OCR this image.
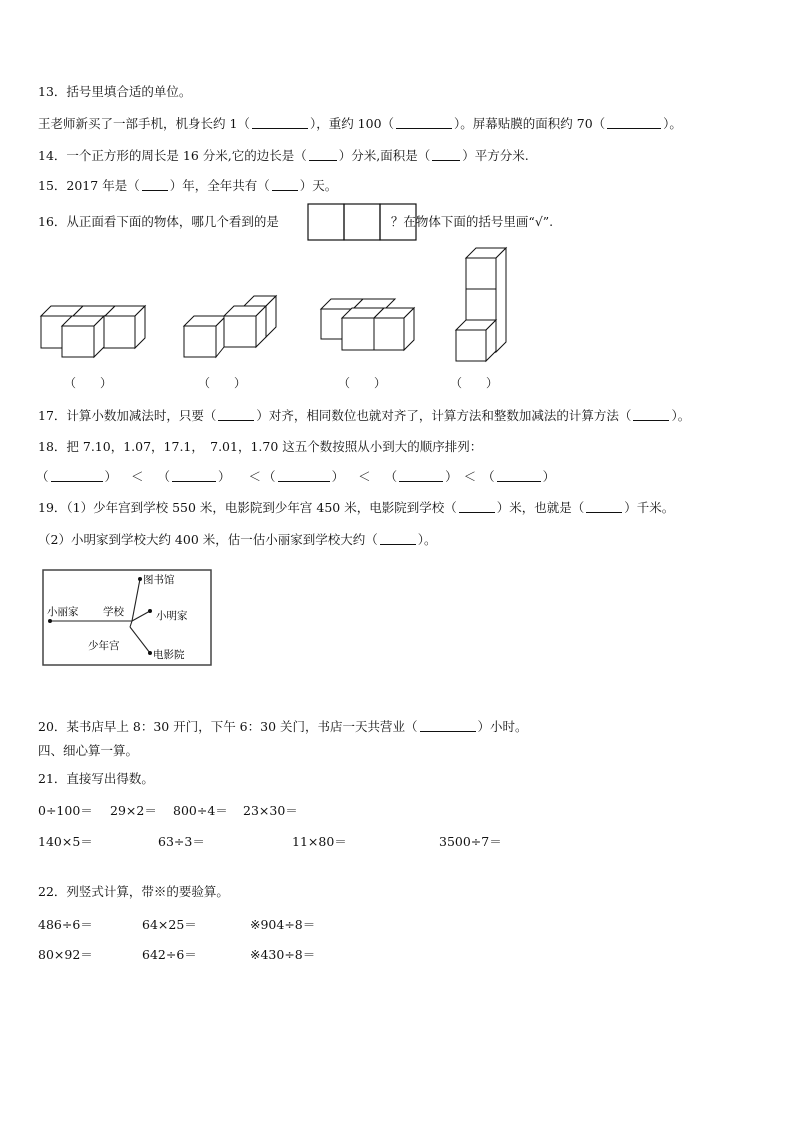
13．括号里填合适的单位。
王老师新买了一部手机，机身长约 1（	），重约 100（	）。屏幕贴膜的面积约 70（	）。
14．一个正方形的周长是 16 分米,它的边长是（	）分米,面积是（	）平方分米.
15．2017 年是（ ）年，全年共有（ ）天。
16．从正面看下面的物体，哪几个看到的是	？在物体下面的括号里画“√”.
（　　）	（　　）	（　　）	（　　）
17．计算小数加减法时，只要（	）对齐，相同数位也就对齐了，计算方法和整数加减法的计算方法（	）。
18．把 7.10，1.07，17.1，　7.01，1.70 这五个数按照从小到大的顺序排列：
（	） ＜ （	） ＜ （	） ＜ （	） ＜ （	）
19．（1）少年宫到学校 550 米，电影院到少年宫 450 米，电影院到学校（	）米，也就是（	）千米。
（2）小明家到学校大约 400 米，估一估小丽家到学校大约（	）。
图书馆
小丽家 学校	小明家
少年宫
电影院
20．某书店早上 8：30 开门，下午 6：30 关门，书店一天共营业（	）小时。
四、细心算一算。
21．直接写出得数。
0÷100＝ 29×2＝ 800÷4＝ 23×30＝
140×5＝	63÷3＝	11×80＝	3500÷7＝
22．列竖式计算，带※的要验算。
486÷6＝	64×25＝	※904÷8＝
80×92＝	642÷6＝	※430÷8＝
